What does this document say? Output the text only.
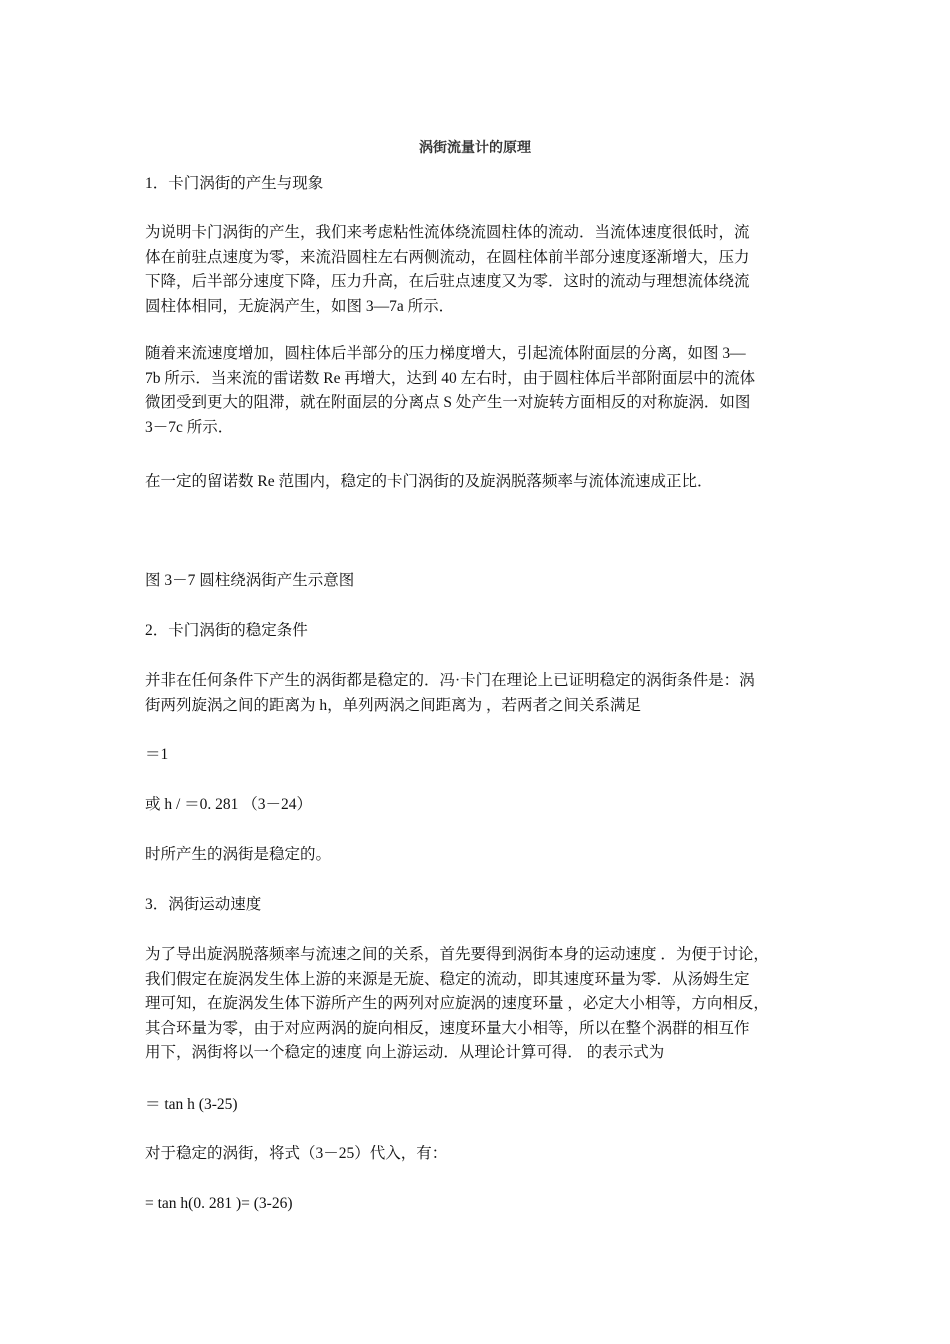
涡街流量计的原理
1．卡门涡街的产生与现象
为说明卡门涡街的产生，我们来考虑粘性流体绕流圆柱体的流动．当流体速度很低时，流
体在前驻点速度为零，来流沿圆柱左右两侧流动，在圆柱体前半部分速度逐渐增大，压力
下降，后半部分速度下降，压力升高，在后驻点速度又为零．这时的流动与理想流体绕流
圆柱体相同，无旋涡产生，如图 3—7a 所示．
随着来流速度增加，圆柱体后半部分的压力梯度增大，引起流体附面层的分离，如图 3—
7b 所示．当来流的雷诺数 Re 再增大，达到 40 左右时，由于圆柱体后半部附面层中的流体
微团受到更大的阻滞，就在附面层的分离点 S 处产生一对旋转方面相反的对称旋涡．如图
3－7c 所示．
在一定的留诺数 Re 范围内，稳定的卡门涡街的及旋涡脱落频率与流体流速成正比．
图 3－7 圆柱绕涡街产生示意图
2．卡门涡街的稳定条件
并非在任何条件下产生的涡街都是稳定的．冯·卡门在理论上已证明稳定的涡街条件是：涡
街两列旋涡之间的距离为 h，单列两涡之间距离为 ，若两者之间关系满足
＝1
或 h / ＝0. 281 （3－24）
时所产生的涡街是稳定的。
3．涡街运动速度
为了导出旋涡脱落频率与流速之间的关系，首先要得到涡街本身的运动速度 ．为便于讨论，
我们假定在旋涡发生体上游的来源是无旋、稳定的流动，即其速度环量为零．从汤姆生定
理可知，在旋涡发生体下游所产生的两列对应旋涡的速度环量 ，必定大小相等，方向相反，
其合环量为零，由于对应两涡的旋向相反，速度环量大小相等，所以在整个涡群的相互作
用下，涡街将以一个稳定的速度 向上游运动．从理论计算可得． 的表示式为
＝ tan h (3-25)
对于稳定的涡街，将式（3－25）代入，有：
= tan h(0. 281 )= (3-26)
